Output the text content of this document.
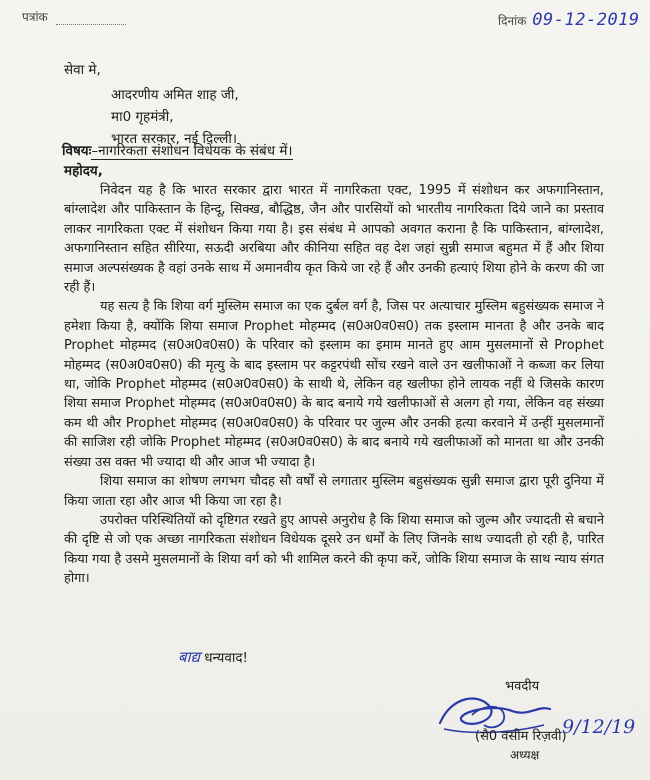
पत्रांक	दिनांक 09-12-2019
सेवा मे,
आदरणीय अमित शाह जी,
मा0 गृहमंत्री,
भारत सरकार, नई दिल्ली।
विषयः–नागरिकता संशोधन विधेयक के संबंध में।
महोदय,

निवेदन यह है कि भारत सरकार द्वारा भारत में नागरिकता एक्ट, 1995 में संशोधन कर अफगानिस्तान, बांग्लादेश और पाकिस्तान के हिन्दू, सिक्ख, बौद्धिष्ठ, जैन और पारसियों को भारतीय नागरिकता दिये जाने का प्रस्ताव लाकर नागरिकता एक्ट में संशोधन किया गया है। इस संबंध मे आपको अवगत कराना है कि पाकिस्तान, बांग्लादेश, अफगानिस्तान सहित सीरिया, सऊदी अरबिया और कीनिया सहित वह देश जहां सुन्नी समाज बहुमत में हैं और शिया समाज अल्पसंख्यक है वहां उनके साथ में अमानवीय कृत किये जा रहे हैं और उनकी हत्याएं शिया होने के करण की जा रही हैं।

यह सत्य है कि शिया वर्ग मुस्लिम समाज का एक दुर्बल वर्ग है, जिस पर अत्याचार मुस्लिम बहुसंख्यक समाज ने हमेशा किया है, क्योंकि शिया समाज Prophet मोहम्मद (स0अ0व0स0) तक इस्लाम मानता है और उनके बाद Prophet मोहम्मद (स0अ0व0स0) के परिवार को इस्लाम का इमाम मानते हुए आम मुसलमानों से Prophet मोहम्मद (स0अ0व0स0) की मृत्यु के बाद इस्लाम पर कट्टरपंथी सोंच रखने वाले उन खलीफाओं ने कब्जा कर लिया था, जोकि Prophet मोहम्मद (स0अ0व0स0) के साथी थे, लेकिन वह खलीफा होने लायक नहीं थे जिसके कारण शिया समाज Prophet मोहम्मद (स0अ0व0स0) के बाद बनाये गये खलीफाओं से अलग हो गया, लेकिन वह संख्या कम थी और Prophet मोहम्मद (स0अ0व0स0) के परिवार पर जुल्म और उनकी हत्या करवाने में उन्हीं मुसलमानों की साजिश रही जोकि Prophet मोहम्मद (स0अ0व0स0) के बाद बनाये गये खलीफाओं को मानता था और उनकी संख्या उस वक्त भी ज्यादा थी और आज भी ज्यादा है।

शिया समाज का शोषण लगभग चौदह सौ वर्षों से लगातार मुस्लिम बहुसंख्यक सुन्नी समाज द्वारा पूरी दुनिया में किया जाता रहा और आज भी किया जा रहा है।

उपरोक्त परिस्थितियों को दृष्टिगत रखते हुए आपसे अनुरोध है कि शिया समाज को जुल्म और ज्यादती से बचाने की दृष्टि से जो एक अच्छा नागरिकता संशोधन विधेयक दूसरे उन धर्मों के लिए जिनके साथ ज्यादती हो रही है, पारित किया गया है उसमे मुसलमानों के शिया वर्ग को भी शामिल करने की कृपा करें, जोकि शिया समाज के साथ न्याय संगत होगा।

बाद्य धन्यवाद!
भवदीय
(सै0 वसीम रिज़वी)
9/12/19
अध्यक्ष
